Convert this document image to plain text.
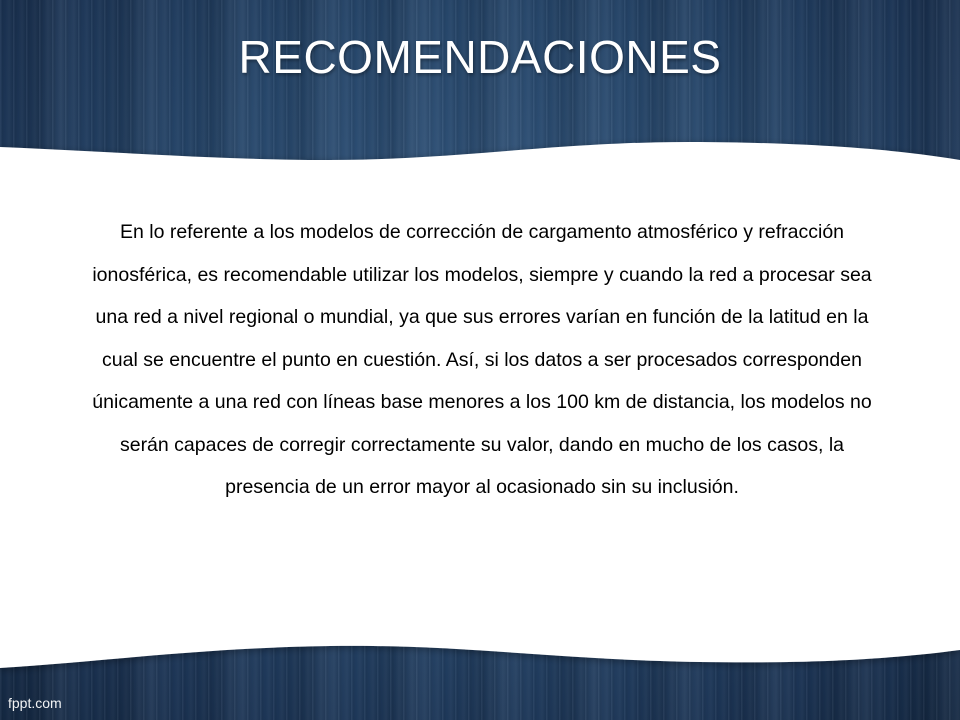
RECOMENDACIONES
En lo referente a los modelos de corrección de cargamento atmosférico y refracción ionosférica, es recomendable utilizar los modelos, siempre y cuando la red a procesar sea una red a nivel regional o mundial, ya que sus errores varían en función de la latitud en la cual se encuentre el punto en cuestión. Así, si los datos a ser procesados corresponden únicamente a una red con líneas base menores a los 100 km de distancia, los modelos no serán capaces de corregir correctamente su valor, dando en mucho de los casos, la presencia de un error mayor al ocasionado sin su inclusión.
fppt.com
